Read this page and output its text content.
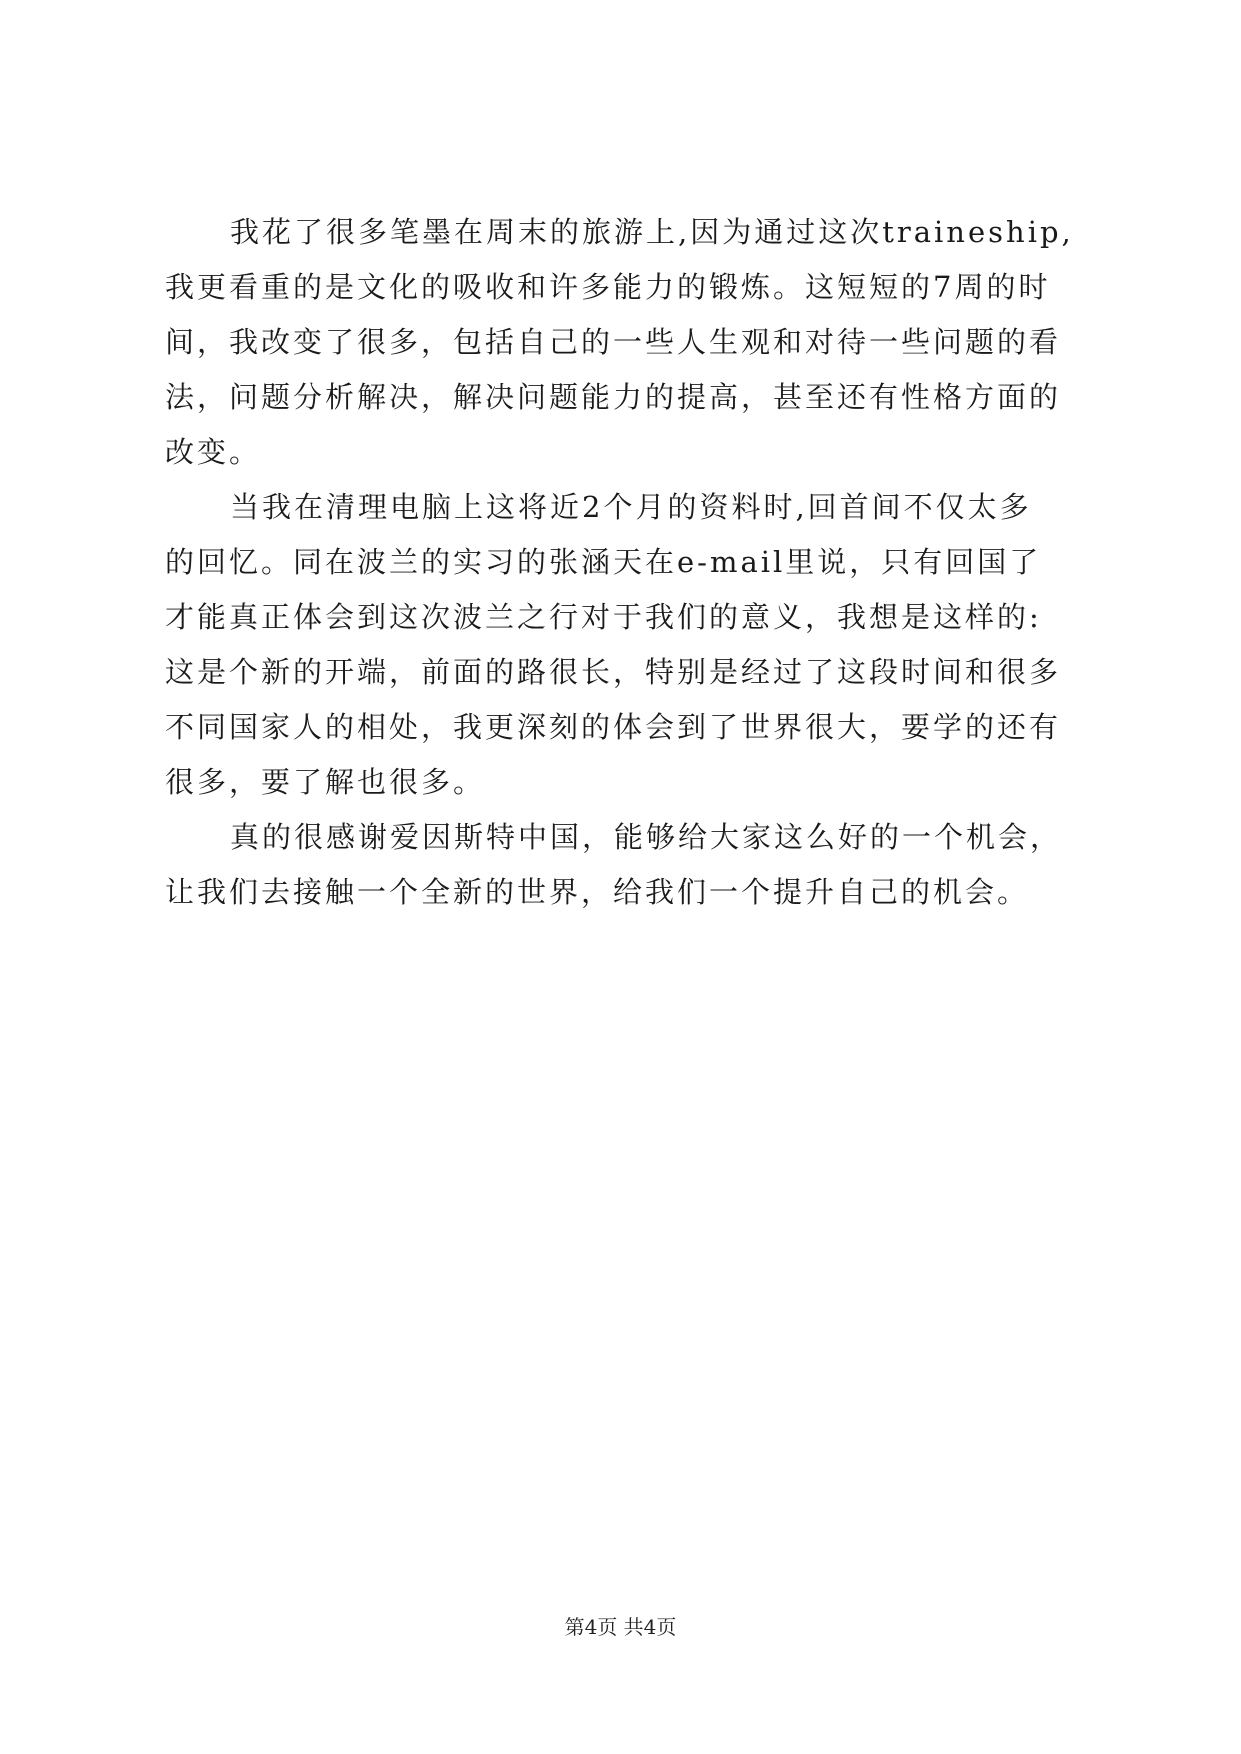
我花了很多笔墨在周末的旅游上,因为通过这次traineship,
我更看重的是文化的吸收和许多能力的锻炼。这短短的7周的时
间，我改变了很多，包括自己的一些人生观和对待一些问题的看
法，问题分析解决，解决问题能力的提高，甚至还有性格方面的
改变。
当我在清理电脑上这将近2个月的资料时,回首间不仅太多
的回忆。同在波兰的实习的张涵天在e-mail里说，只有回国了
才能真正体会到这次波兰之行对于我们的意义，我想是这样的:
这是个新的开端，前面的路很长，特别是经过了这段时间和很多
不同国家人的相处，我更深刻的体会到了世界很大，要学的还有
很多，要了解也很多。
真的很感谢爱因斯特中国，能够给大家这么好的一个机会，
让我们去接触一个全新的世界，给我们一个提升自己的机会。
第4页 共4页
